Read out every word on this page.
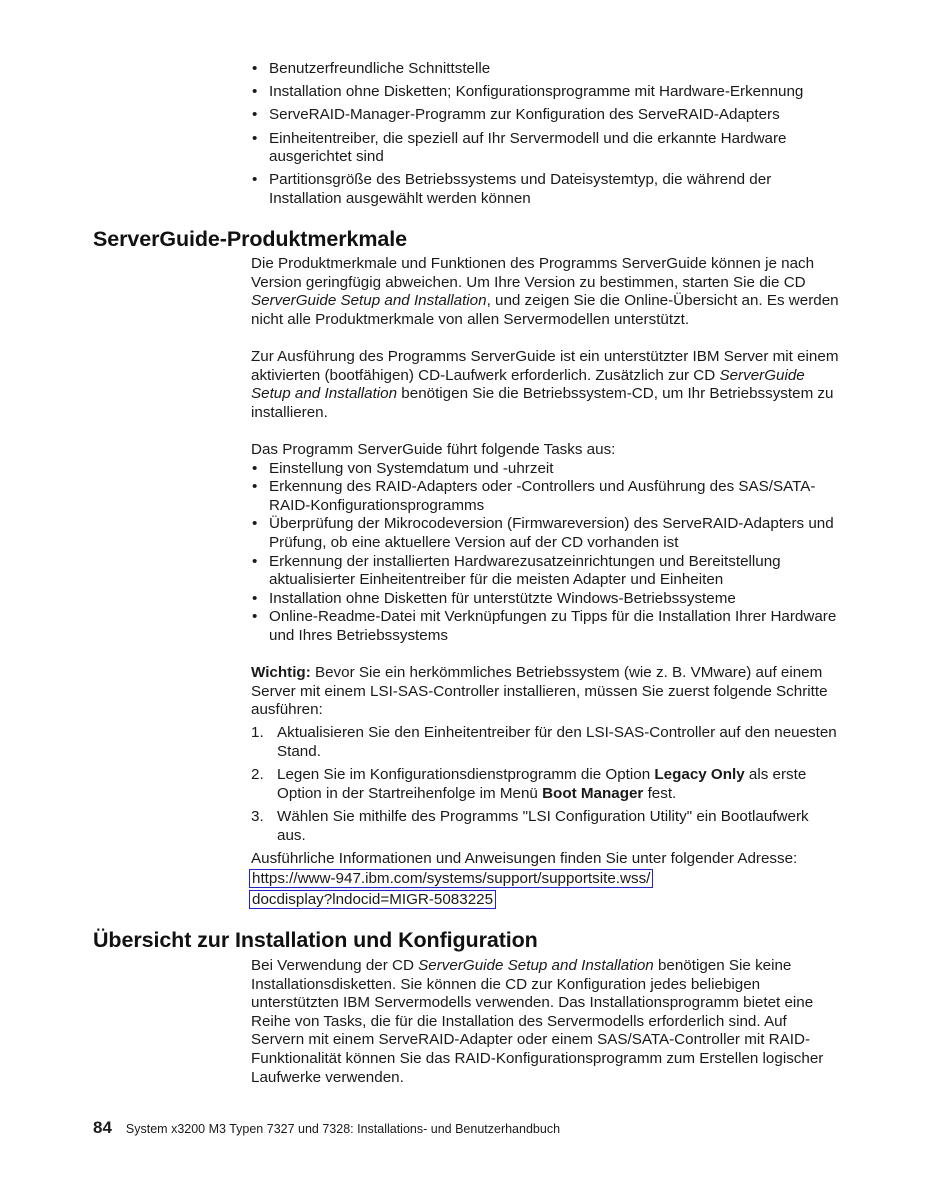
• Benutzerfreundliche Schnittstelle
• Installation ohne Disketten; Konfigurationsprogramme mit Hardware-Erkennung
• ServeRAID-Manager-Programm zur Konfiguration des ServeRAID-Adapters
• Einheitentreiber, die speziell auf Ihr Servermodell und die erkannte Hardware ausgerichtet sind
• Partitionsgröße des Betriebssystems und Dateisystemtyp, die während der Installation ausgewählt werden können
ServerGuide-Produktmerkmale

Die Produktmerkmale und Funktionen des Programms ServerGuide können je nach Version geringfügig abweichen. Um Ihre Version zu bestimmen, starten Sie die CD ServerGuide Setup and Installation, und zeigen Sie die Online-Übersicht an. Es werden nicht alle Produktmerkmale von allen Servermodellen unterstützt.

Zur Ausführung des Programms ServerGuide ist ein unterstützter IBM Server mit einem aktivierten (bootfähigen) CD-Laufwerk erforderlich. Zusätzlich zur CD ServerGuide Setup and Installation benötigen Sie die Betriebssystem-CD, um Ihr Betriebssystem zu installieren.

Das Programm ServerGuide führt folgende Tasks aus:

• Einstellung von Systemdatum und -uhrzeit
• Erkennung des RAID-Adapters oder -Controllers und Ausführung des SAS/SATA-RAID-Konfigurationsprogramms
• Überprüfung der Mikrocodeversion (Firmwareversion) des ServeRAID-Adapters und Prüfung, ob eine aktuellere Version auf der CD vorhanden ist
• Erkennung der installierten Hardwarezusatzeinrichtungen und Bereitstellung aktualisierter Einheitentreiber für die meisten Adapter und Einheiten
• Installation ohne Disketten für unterstützte Windows-Betriebssysteme
• Online-Readme-Datei mit Verknüpfungen zu Tipps für die Installation Ihrer Hardware und Ihres Betriebssystems

Wichtig: Bevor Sie ein herkömmliches Betriebssystem (wie z. B. VMware) auf einem Server mit einem LSI-SAS-Controller installieren, müssen Sie zuerst folgende Schritte ausführen:

1. Aktualisieren Sie den Einheitentreiber für den LSI-SAS-Controller auf den neuesten Stand.
2. Legen Sie im Konfigurationsdienstprogramm die Option Legacy Only als erste Option in der Startreihenfolge im Menü Boot Manager fest.
3. Wählen Sie mithilfe des Programms "LSI Configuration Utility" ein Bootlaufwerk aus.

Ausführliche Informationen und Anweisungen finden Sie unter folgender Adresse:

https://www-947.ibm.com/systems/support/supportsite.wss/
docdisplay?lndocid=MIGR-5083225
Übersicht zur Installation und Konfiguration

Bei Verwendung der CD ServerGuide Setup and Installation benötigen Sie keine Installationsdisketten. Sie können die CD zur Konfiguration jedes beliebigen unterstützten IBM Servermodells verwenden. Das Installationsprogramm bietet eine Reihe von Tasks, die für die Installation des Servermodells erforderlich sind. Auf Servern mit einem ServeRAID-Adapter oder einem SAS/SATA-Controller mit RAID-Funktionalität können Sie das RAID-Konfigurationsprogramm zum Erstellen logischer Laufwerke verwenden.

84 System x3200 M3 Typen 7327 und 7328: Installations- und Benutzerhandbuch
